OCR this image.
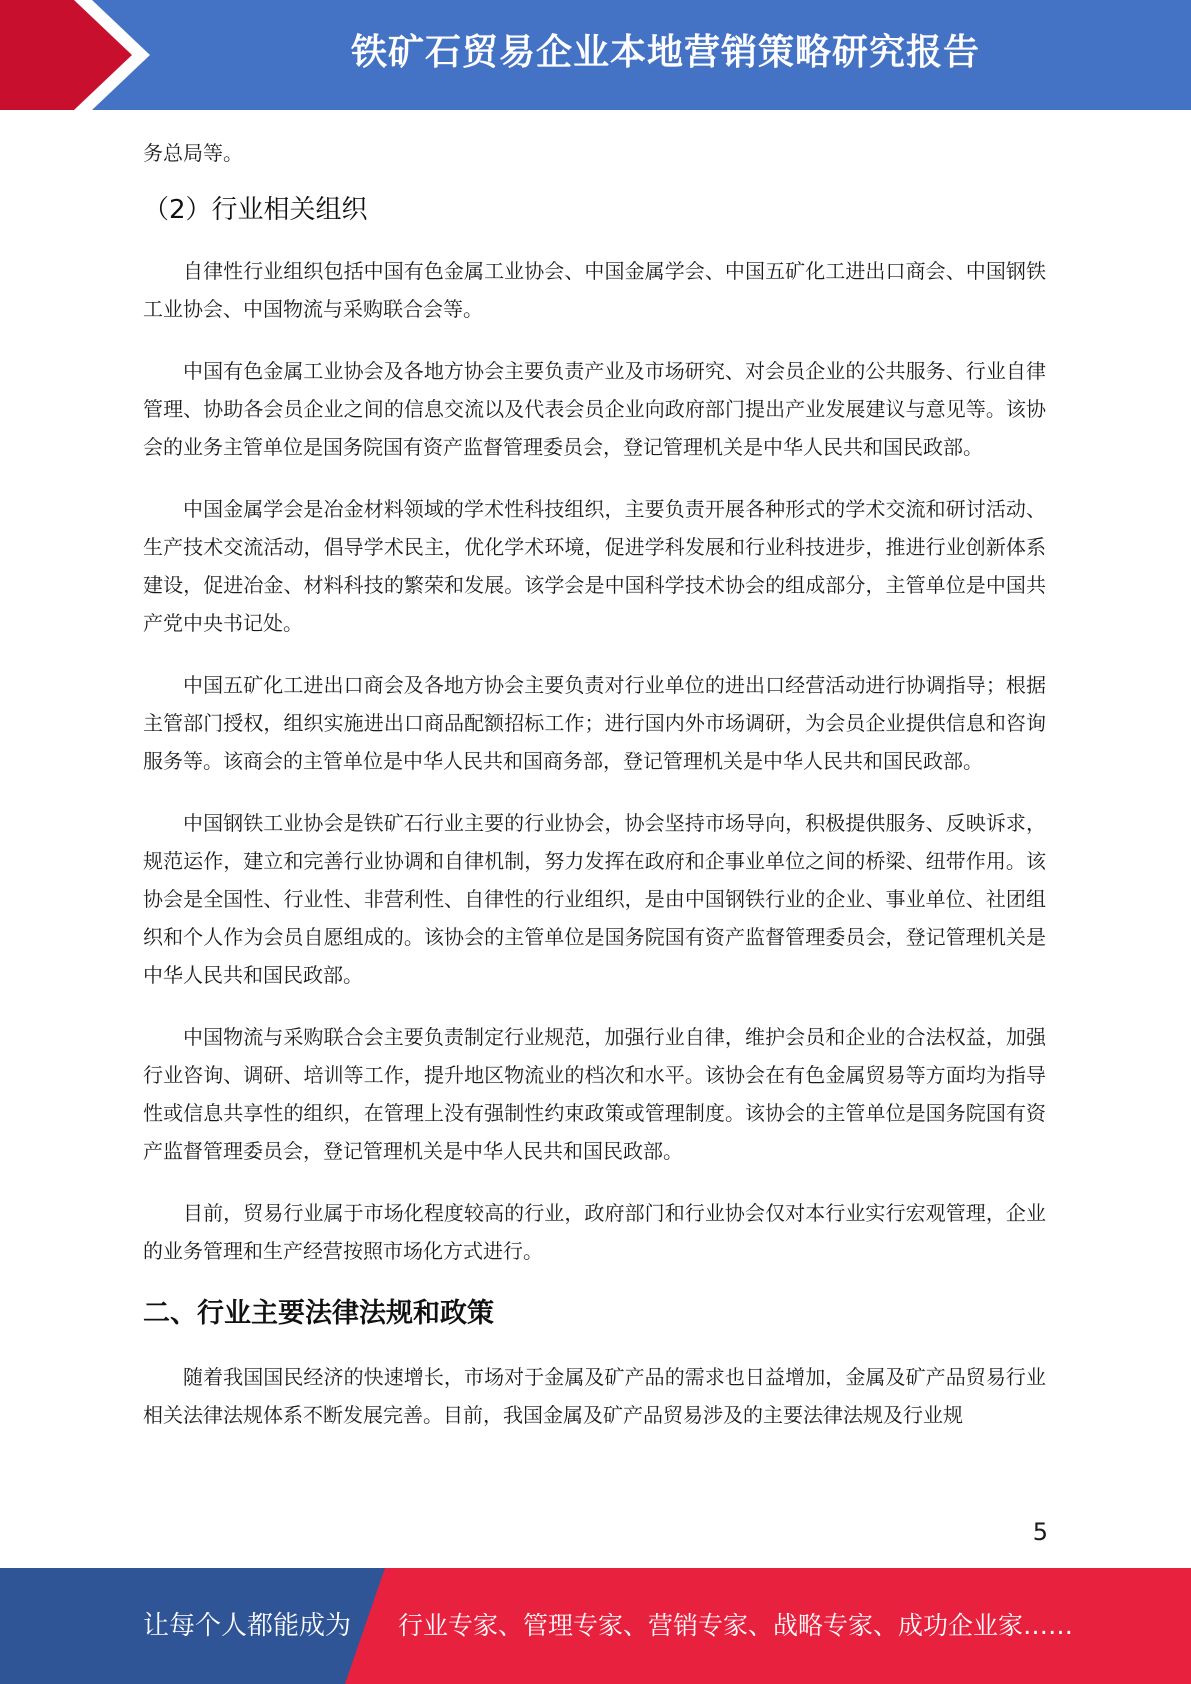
铁矿石贸易企业本地营销策略研究报告

务总局等。

（2）行业相关组织

自律性行业组织包括中国有色金属工业协会、中国金属学会、中国五矿化工进出口商会、中国钢铁工业协会、中国物流与采购联合会等。

中国有色金属工业协会及各地方协会主要负责产业及市场研究、对会员企业的公共服务、行业自律管理、协助各会员企业之间的信息交流以及代表会员企业向政府部门提出产业发展建议与意见等。该协会的业务主管单位是国务院国有资产监督管理委员会，登记管理机关是中华人民共和国民政部。

中国金属学会是冶金材料领域的学术性科技组织，主要负责开展各种形式的学术交流和研讨活动、生产技术交流活动，倡导学术民主，优化学术环境，促进学科发展和行业科技进步，推进行业创新体系建设，促进冶金、材料科技的繁荣和发展。该学会是中国科学技术协会的组成部分，主管单位是中国共产党中央书记处。

中国五矿化工进出口商会及各地方协会主要负责对行业单位的进出口经营活动进行协调指导；根据主管部门授权，组织实施进出口商品配额招标工作；进行国内外市场调研，为会员企业提供信息和咨询服务等。该商会的主管单位是中华人民共和国商务部，登记管理机关是中华人民共和国民政部。

中国钢铁工业协会是铁矿石行业主要的行业协会，协会坚持市场导向，积极提供服务、反映诉求，规范运作，建立和完善行业协调和自律机制，努力发挥在政府和企事业单位之间的桥梁、纽带作用。该协会是全国性、行业性、非营利性、自律性的行业组织，是由中国钢铁行业的企业、事业单位、社团组织和个人作为会员自愿组成的。该协会的主管单位是国务院国有资产监督管理委员会，登记管理机关是中华人民共和国民政部。

中国物流与采购联合会主要负责制定行业规范，加强行业自律，维护会员和企业的合法权益，加强行业咨询、调研、培训等工作，提升地区物流业的档次和水平。该协会在有色金属贸易等方面均为指导性或信息共享性的组织，在管理上没有强制性约束政策或管理制度。该协会的主管单位是国务院国有资产监督管理委员会，登记管理机关是中华人民共和国民政部。

目前，贸易行业属于市场化程度较高的行业，政府部门和行业协会仅对本行业实行宏观管理，企业的业务管理和生产经营按照市场化方式进行。

二、行业主要法律法规和政策

随着我国国民经济的快速增长，市场对于金属及矿产品的需求也日益增加，金属及矿产品贸易行业相关法律法规体系不断发展完善。目前，我国金属及矿产品贸易涉及的主要法律法规及行业规

5
让每个人都能成为 行业专家、管理专家、营销专家、战略专家、成功企业家……
